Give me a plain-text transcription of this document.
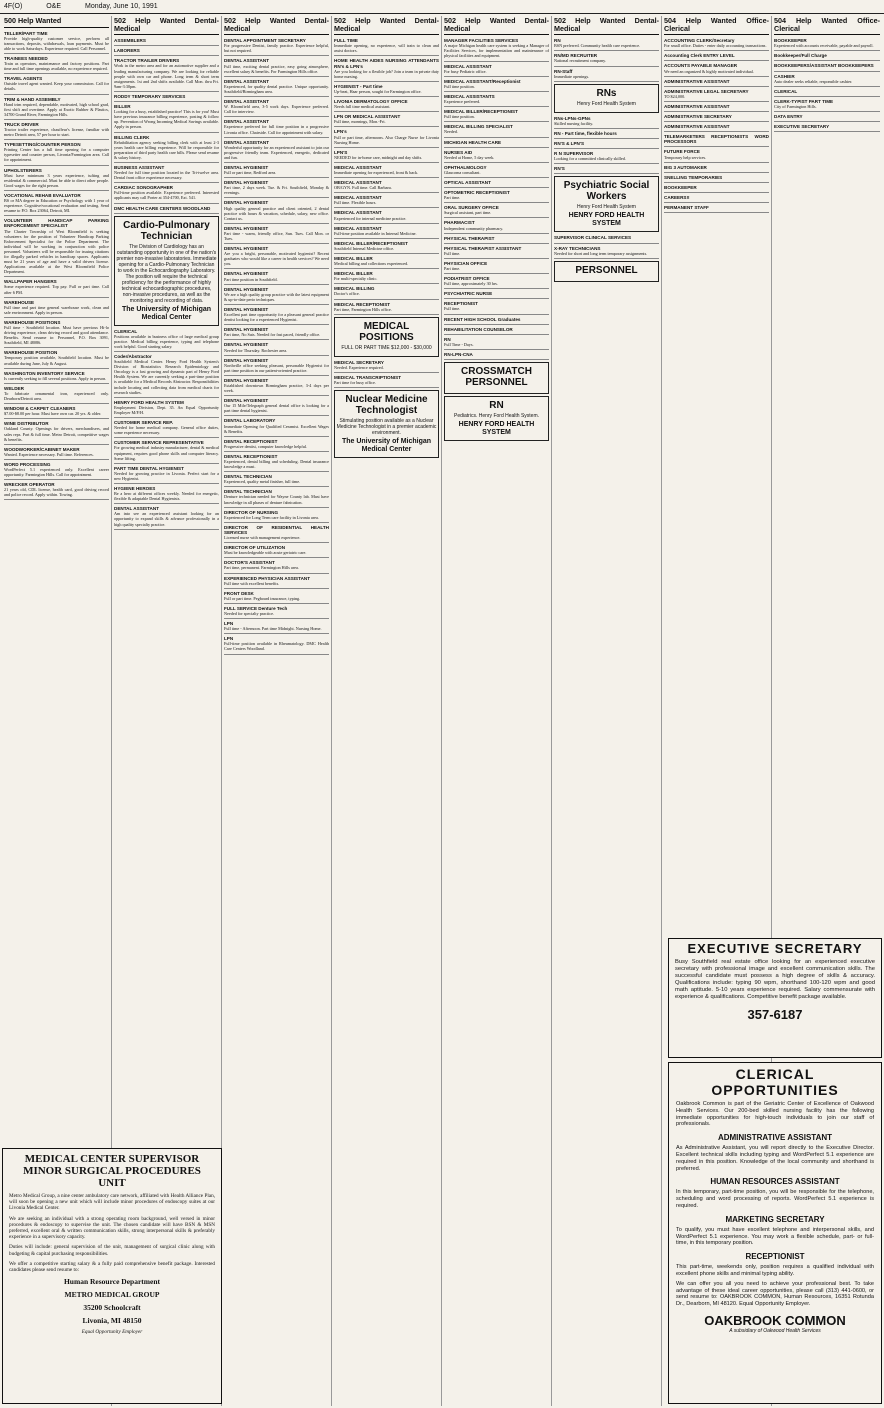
4F(O)	O&E	Monday, June 10, 1991
500 Help Wanted
TELLER/PART TIME
Provide high-quality customer service, perform all transactions, deposits, withdrawals, loan payments. Must be able to work Saturdays. Experience required. Call Personnel.
TRAINEES NEEDED
Train as operators, maintenance and factory positions. Part time and full time openings available, no experience required.
TRAVEL AGENTS
Outside travel agent wanted. Keep your commission. Call for details.
TRIM & HAND ASSEMBLY
Hand trim required, dependable, motivated, high school grad, first shift and overtime. Apply at Exotic Rubber & Plastics, 34700 Grand River, Farmington Hills.
TRUCK DRIVER
Tractor trailer experience, chauffeur's license, familiar with metro Detroit area, 57 per hour to start.
TYPESETTING/COUNTER PERSON
Printing Center has a full time opening for a computer typesetter and counter person, Livonia/Farmington area. Call for appointment.
UPHOLSTERERS
Must have minimum 3 years experience, tufting and residential & commercial. Must be able to direct other people. Good wages for the right person.
VOCATIONAL REHAB EVALUATOR
BS or MA degree in Education or Psychology with 1 year of experience. Cognitive/vocational evaluation and testing. Send resume to P.O. Box 23064, Detroit, MI.
VOLUNTEER HANDICAP PARKING ENFORCEMENT SPECIALIST
The Charter Township of West Bloomfield is seeking volunteers for the position of Volunteer Handicap Parking Enforcement Specialist for the Police Department. The individual will be working in conjunction with police personnel. Volunteers will be responsible for issuing citations for illegally parked vehicles in handicap spaces. Applicants must be 21 years of age and have a valid drivers license. Applications available at the West Bloomfield Police Department.
WALLPAPER HANGERS
Some experience required. Top pay. Full or part time. Call after 6 PM.
WAREHOUSE
Full time and part time general warehouse work, clean and safe environment. Apply in person.
WAREHOUSE POSITIONS
Full time - Southfield location. Must have previous Hi-lo driving experience, clean driving record and good attendance. Benefits. Send resume to: Personnel, P.O. Box 3091, Southfield, MI 48086.
WAREHOUSE POSITION
Temporary position available, Southfield location. Must be available during June, July & August.
WASHINGTON INVENTORY SERVICE
Is currently seeking to fill several positions. Apply in person.
WELDER
To fabricate ornamental iron, experienced only. Dearborn/Detroit area.
WINDOW & CARPET CLEANERS
$7.00-$8.00 per hour. Must have own car. 20 yrs. & older.
WINE DISTRIBUTOR
Oakland County. Openings for drivers, merchandisers, and sales reps. Part & full time. Metro Detroit, competitive wages & benefits.
WOODWORKER/CABINET MAKER
Wanted. Experience necessary. Full time. References.
WORD PROCESSING
WordPerfect 5.1 experienced only. Excellent career opportunity. Farmington Hills. Call for appointment.
WRECKER OPERATOR
21 years old, CDL license, health card, good driving record and police record. Apply within. Towing.
502 Help Wanted Dental-Medical
ASSEMBLERS
LABORERS
TRACTOR TRAILER DRIVERS
Work in the metro area and for an automotive supplier and a leading manufacturing company. We are looking for reliable people with own car and phone. Long term & short term assignments. 1st and 2nd shifts available. Call Mon. thru Fri. 9am-3:30pm.
RODDY TEMPORARY SERVICES
BILLER
Looking for a busy, established practice! This is for you! Must have previous insurance billing experience, posting & follow up. Prevention of Wrong Incoming Medical Savings available. Apply in person.
BILLING CLERK
Rehabilitation agency seeking billing clerk with at least 2-3 years health care billing experience. Will be responsible for preparation of third party health care bills. Please send resume & salary history.
BUSINESS ASSISTANT
Needed for full time position located in the Tri-twelve area. Dental front office experience necessary.
CARDIAC SONOGRAPHER
Full-time position available. Experience preferred. Interested applicants may call Porter at 354-4700, Ext. 541.
DMC HEALTH CARE CENTERS WOODLAND
Cardio-Pulmonary Technician
The Division of Cardiology has an outstanding opportunity in one of the nation's premier non-invasive laboratories. Immediate opening for a Cardio-Pulmonary Technician to work in the Echocardiography Laboratory. The position will require the technical proficiency for the performance of highly technical echocardiographic procedures, non-invasive procedures, as well as the monitoring and recording of data.
The University of Michigan Medical Center
CLERICAL
Positions available in business office of large medical group practice. Medical billing experience, typing and telephone work helpful. Good starting salary.
Coder/Abstractor
Southfield Medical Center. Henry Ford Health System's Division of Biostatistics Research Epidemiology and Oncology is a fast growing and dynamic part of Henry Ford Health System. We are currently seeking a part-time position is available for a Medical Records Abstractor. Responsibilities include locating and collecting data from medical charts for research studies.
HENRY FORD HEALTH SYSTEM
Employment Division, Dept. 35. An Equal Opportunity Employer M/F/H.
CUSTOMER SERVICE REP.
Needed for home medical company. General office duties, some experience necessary.
CUSTOMER SERVICE REPRESENTATIVE
For growing medical industry manufacturer, dental & medical equipment, requires good phone skills and computer literacy. Some lifting.
PART TIME DENTAL HYGIENIST
Needed for growing practice in Livonia. Perfect start for a new Hygienist.
HYGIENE HEROES
Be a hero at different offices weekly. Needed for energetic, flexible & adaptable Dental Hygienists.
DENTAL ASSISTANT
Am into see an experienced assistant looking for an opportunity to expand skills & advance professionally in a high quality specialty practice.
502 Help Wanted Dental-Medical
DENTAL APPOINTMENT SECRETARY
For progressive Dentist, family practice. Experience helpful, but not required.
DENTAL ASSISTANT
Full time, exciting dental practice, easy going atmosphere, excellent salary & benefits. For Farmington Hills office.
DENTAL ASSISTANT
Experienced, for quality dental practice. Unique opportunity. Southfield/Birmingham area.
DENTAL ASSISTANT
W. Bloomfield area, 3-5 work days. Experience preferred. Call for interview.
DENTAL ASSISTANT
Experience preferred for full time position in a progressive Livonia office. Chairside. Call for appointment with salary.
DENTAL ASSISTANT
Wonderful opportunity for an experienced assistant to join our progressive friendly team. Experienced, energetic, dedicated and fun.
DENTAL HYGIENIST
Full or part time, Redford area.
DENTAL HYGIENIST
Part time, 2 days week. Tue. & Fri. Southfield, Monday & evenings.
DENTAL HYGIENIST
High quality general practice and client oriented, 2 dental practice with hours & vacation, schedule, salary, new office. Contact us.
DENTAL HYGIENIST
Part time - warm, friendly office, Sun. Tues. Call Mon. or Tues.
DENTAL HYGIENIST
Are you a bright, personable, motivated hygienist? Recent graduates who would like a career in health services? We need you.
DENTAL HYGIENIST
Part time position in Southfield.
DENTAL HYGIENIST
We are a high quality group practice with the latest equipment & up-to-date perio techniques.
DENTAL HYGIENIST
Excellent part time opportunity for a pleasant general practice dentist looking for a experienced Hygienist.
DENTAL HYGIENIST
Part time, No Sats. Needed for fast paced, friendly office.
DENTAL HYGIENIST
Needed for Thursday. Rochester area.
DENTAL HYGIENIST
Northville office seeking pleasant, personable Hygienist for part time position in our patient-oriented practice.
DENTAL HYGIENIST
Established downtown Birmingham practice, 3-4 days per week.
DENTAL HYGIENIST
Our 15 Mile/Telegraph general dental office is looking for a part time dental hygienist.
DENTAL LABORATORY
Immediate Opening for Qualified Ceramist. Excellent Wages & Benefits.
DENTAL RECEPTIONIST
Progressive dentist, computer knowledge helpful.
DENTAL RECEPTIONIST
Experienced, dental billing and scheduling. Dental insurance knowledge a must.
DENTAL TECHNICIAN
Experienced, quality metal finisher, full time.
DENTAL TECHNICIAN
Denture technician needed for Wayne County lab. Must have knowledge in all phases of denture fabrication.
DIRECTOR OF NURSING
Experienced for Long Term care facility in Livonia area.
DIRECTOR OF RESIDENTIAL HEALTH SERVICES
Licensed nurse with management experience.
DIRECTOR OF UTILIZATION
Must be knowledgeable with acute geriatric care.
DOCTOR'S ASSISTANT
Part time, permanent. Farmington Hills area.
EXPERIENCED PHYSICIAN ASSISTANT
Full time with excellent benefits.
FRONT DESK
Full or part time. Pegboard insurance, typing.
FULL SERVICE Denture Tech
Needed for specialty practice.
LPN
Full time - Afternoon. Part time Midnight. Nursing Home.
LPN
Full-time position available in Rheumatology. DMC Health Care Centers Woodland.
502 Help Wanted Dental-Medical
FULL TIME
Immediate opening, no experience, will train to clean and assist doctors.
HOME HEALTH AIDES NURSING ATTENDANTS RN's & LPN's
Are you looking for a flexible job? Join a team in private duty home nursing.
HYGIENIST - Part time
Up-beat, Haar person, sought for Farmington office.
LIVONIA DERMATOLOGY OFFICE
Needs full time medical assistant.
LPN OR MEDICAL ASSISTANT
Full time, mornings, Mon.-Fri.
LPN's
Full or part time, afternoons. Also Charge Nurse for Livonia Nursing Home.
LPN'S
NEEDED for in-home care, midnight and day shifts.
MEDICAL ASSISTANT
Immediate opening for experienced, front & back.
MEDICAL ASSISTANT
OB/GYN. Full time. Call Barbara.
MEDICAL ASSISTANT
Full time. Flexible hours.
MEDICAL ASSISTANT
Experienced for internal medicine practice.
MEDICAL ASSISTANT
Full-time position available in Internal Medicine.
MEDICAL BILLER/RECEPTIONIST
Southfield Internal Medicine office.
MEDICAL BILLER
Medical billing and collections experienced.
MEDICAL BILLER
For multi-specialty clinic.
MEDICAL BILLING
Doctor's office.
MEDICAL RECEPTIONIST
Part time, Farmington Hills office.
MEDICAL POSITIONS
FULL OR PART TIME $12,000 - $30,000
MEDICAL SECRETARY
Needed. Experience required.
MEDICAL TRANSCRIPTIONIST
Part time for busy office.
Nuclear Medicine Technologist
Stimulating position available as a Nuclear Medicine Technologist in a premier academic environment.
The University of Michigan Medical Center
502 Help Wanted Dental-Medical
MANAGER FACILITIES SERVICES
A major Michigan health care system is seeking a Manager of Facilities Services, for implementation and maintenance of physical facilities and equipment.
MEDICAL ASSISTANT
For busy Pediatric office.
MEDICAL ASSISTANT/Receptionist
Full time position.
MEDICAL ASSISTANTS
Experience preferred.
MEDICAL BILLER/RECEPTIONIST
Full time position.
MEDICAL BILLING SPECIALIST
Needed.
MICHIGAN HEALTH CARE
NURSES AID
Needed at Home, 5 day week.
OPHTHALMOLOGY
Glaucoma consultant.
OPTICAL ASSISTANT
OPTOMETRIC RECEPTIONIST
Part time.
ORAL SURGERY OFFICE
Surgical assistant, part time.
PHARMACIST
Independent community pharmacy.
PHYSICAL THERAPIST
PHYSICAL THERAPIST ASSISTANT
Full time.
PHYSICIAN OFFICE
Part time.
PODIATRIST OFFICE
Full time, approximately 30 hrs.
PSYCHIATRIC NURSE
RECEPTIONIST
Full time.
RECENT HIGH SCHOOL Graduates
REHABILITATION COUNSELOR
RN
Full Time - Days.
RN-LPN-CNA
CROSSMATCH PERSONNEL
RN
Pediatrics. Henry Ford Health System.
HENRY FORD HEALTH SYSTEM
502 Help Wanted Dental-Medical
RN
BSN preferred. Community health care experience.
RN/MD RECRUITER
National recruitment company.
RN-Staff
Immediate openings.
RNs
Henry Ford Health System
RNs-LPNs-GPNs
Skilled nursing facility.
RN - Part time, flexible hours
RN'S & LPN'S
R N SUPERVISOR
Looking for a committed clinically skilled.
RN'S
Psychiatric Social Workers
Henry Ford Health System
HENRY FORD HEALTH SYSTEM
SUPERVISOR CLINICAL SERVICES
X-RAY TECHNICIANS
Needed for short and long term temporary assignments.
PERSONNEL
504 Help Wanted Office-Clerical
ACCOUNTING CLERK/Secretary
For small office. Duties - enter daily accounting transactions.
Accounting Clerk ENTRY LEVEL
ACCOUNTS PAYABLE MANAGER
We need an organized & highly motivated individual.
ADMINISTRATIVE ASSISTANT
ADMINISTRATIVE LEGAL SECRETARY
TO $24,000.
ADMINISTRATIVE ASSISTANT
ADMINISTRATIVE SECRETARY
ADMINISTRATIVE ASSISTANT
TELEMARKETERS RECEPTIONISTS WORD PROCESSORS
FUTURE FORCE
Temporary help services.
BIG 3 AUTOMAKER
SNELLING TEMPORARIES
BOOKKEEPER
CAREERS!!
PERMANENT STAFF
504 Help Wanted Office-Clerical
BOOKKEEPER
Experienced with accounts receivable, payable and payroll.
Bookkeeper/Full Charge
BOOKKEEPERS/ASSISTANT BOOKKEEPERS
CASHIER
Auto dealer seeks reliable, responsible cashier.
CLERICAL
CLERK-TYPIST PART TIME
City of Farmington Hills.
DATA ENTRY
EXECUTIVE SECRETARY
EXECUTIVE SECRETARY
Busy Southfield real estate office looking for an experienced executive secretary with professional image and excellent communication skills. The successful candidate must possess a high degree of skills & accuracy. Qualifications include: typing 90 wpm, shorthand 100-120 wpm and good math aptitude. 5-10 years experience required. Salary commensurate with experience & qualifications. Competitive benefit package available.
357-6187
CLERICAL
OPPORTUNITIES
Oakbrook Common is part of the Geriatric Center of Excellence of Oakwood Health Services. Our 200-bed skilled nursing facility has the following immediate opportunities for high-touch individuals to join our staff of professionals.
ADMINISTRATIVE ASSISTANT
As Administrative Assistant, you will report directly to the Executive Director. Excellent technical skills including typing and WordPerfect 5.1 experience are required in this position. Knowledge of the local community and shorthand is preferred.
HUMAN RESOURCES ASSISTANT
In this temporary, part-time position, you will be responsible for the telephone, scheduling and word processing of reports. WordPerfect 5.1 experience is required.
MARKETING SECRETARY
To qualify, you must have excellent telephone and interpersonal skills, and WordPerfect 5.1 experience. You may work a flexible schedule, part- or full-time, in this temporary position.
RECEPTIONIST
This part-time, weekends only, position requires a qualified individual with excellent phone skills and minimal typing ability.
We can offer you all you need to achieve your professional best. To take advantage of these ideal career opportunities, please call (313) 441-0600, or send resume to: OAKBROOK COMMON, Human Resources, 16351 Rotunda Dr., Dearborn, MI 48120. Equal Opportunity Employer.
OAKBROOK COMMON
A subsidiary of Oakwood Health Services
MEDICAL CENTER SUPERVISOR MINOR SURGICAL PROCEDURES UNIT
Metro Medical Group, a nine center ambulatory care network, affiliated with Health Alliance Plan, will soon be opening a new unit which will include minor procedures of endoscopy suites at our Livonia Medical Center.
We are seeking an individual with a strong operating room background, well versed in minor procedures & endoscopy to supervise the unit. The chosen candidate will have BSN & MSN preferred, excellent oral & written communication skills, strong interpersonal skills & preferably experience in a supervisory capacity.
Duties will include: general supervision of the unit, management of surgical clinic along with budgeting & capital purchasing responsibilities.
We offer a competitive starting salary & a fully paid comprehensive benefit package. Interested candidates please send resume to:
Human Resource Department
METRO MEDICAL GROUP
35200 Schoolcraft
Livonia, MI 48150
Equal Opportunity Employer
